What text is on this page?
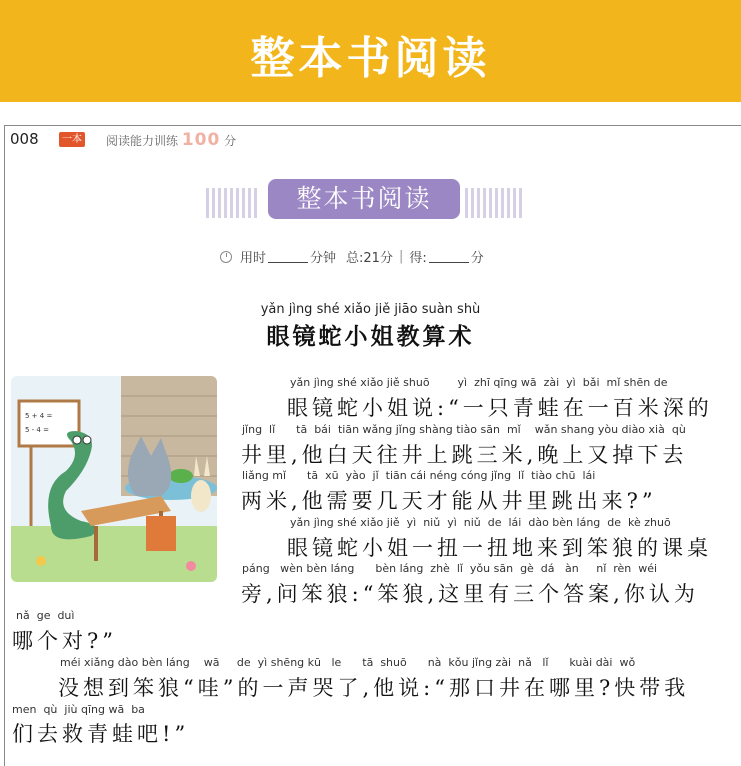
整本书阅读
008	一本 阅读能力训练 100 分
整本书阅读
用时	分钟 总:21分 | 得:	分
yǎn jìng shé xiǎo jiě jiāo suàn shù
眼镜蛇小姐教算术
5 + 4 =
5 - 4 =
yǎn jìng shé xiǎo jiě shuō        yì  zhī qīng wā  zài  yì  bǎi  mǐ shēn de
眼镜蛇小姐说:“一只青蛙在一百米深的
jǐng  lǐ      tā  bái  tiān wǎng jǐng shàng tiào sān  mǐ    wǎn shang yòu diào xià  qù
井里,他白天往井上跳三米,晚上又掉下去
liǎng mǐ      tā  xū  yào  jǐ  tiān cái néng cóng jǐng  lǐ  tiào chū  lái
两米,他需要几天才能从井里跳出来?”
yǎn jìng shé xiǎo jiě  yì  niǔ  yì  niǔ  de  lái  dào bèn láng  de  kè zhuō
眼镜蛇小姐一扭一扭地来到笨狼的课桌
páng   wèn bèn láng      bèn láng  zhè  lǐ  yǒu sān  gè  dá   àn     nǐ  rèn  wéi
旁,问笨狼:“笨狼,这里有三个答案,你认为
nǎ  ge  duì
哪个对?”
méi xiǎng dào bèn láng    wā     de  yì shēng kū   le      tā  shuō      nà  kǒu jǐng zài  nǎ   lǐ      kuài dài  wǒ
没想到笨狼“哇”的一声哭了,他说:“那口井在哪里?快带我
men  qù  jiù qīng wā  ba
们去救青蛙吧!”
